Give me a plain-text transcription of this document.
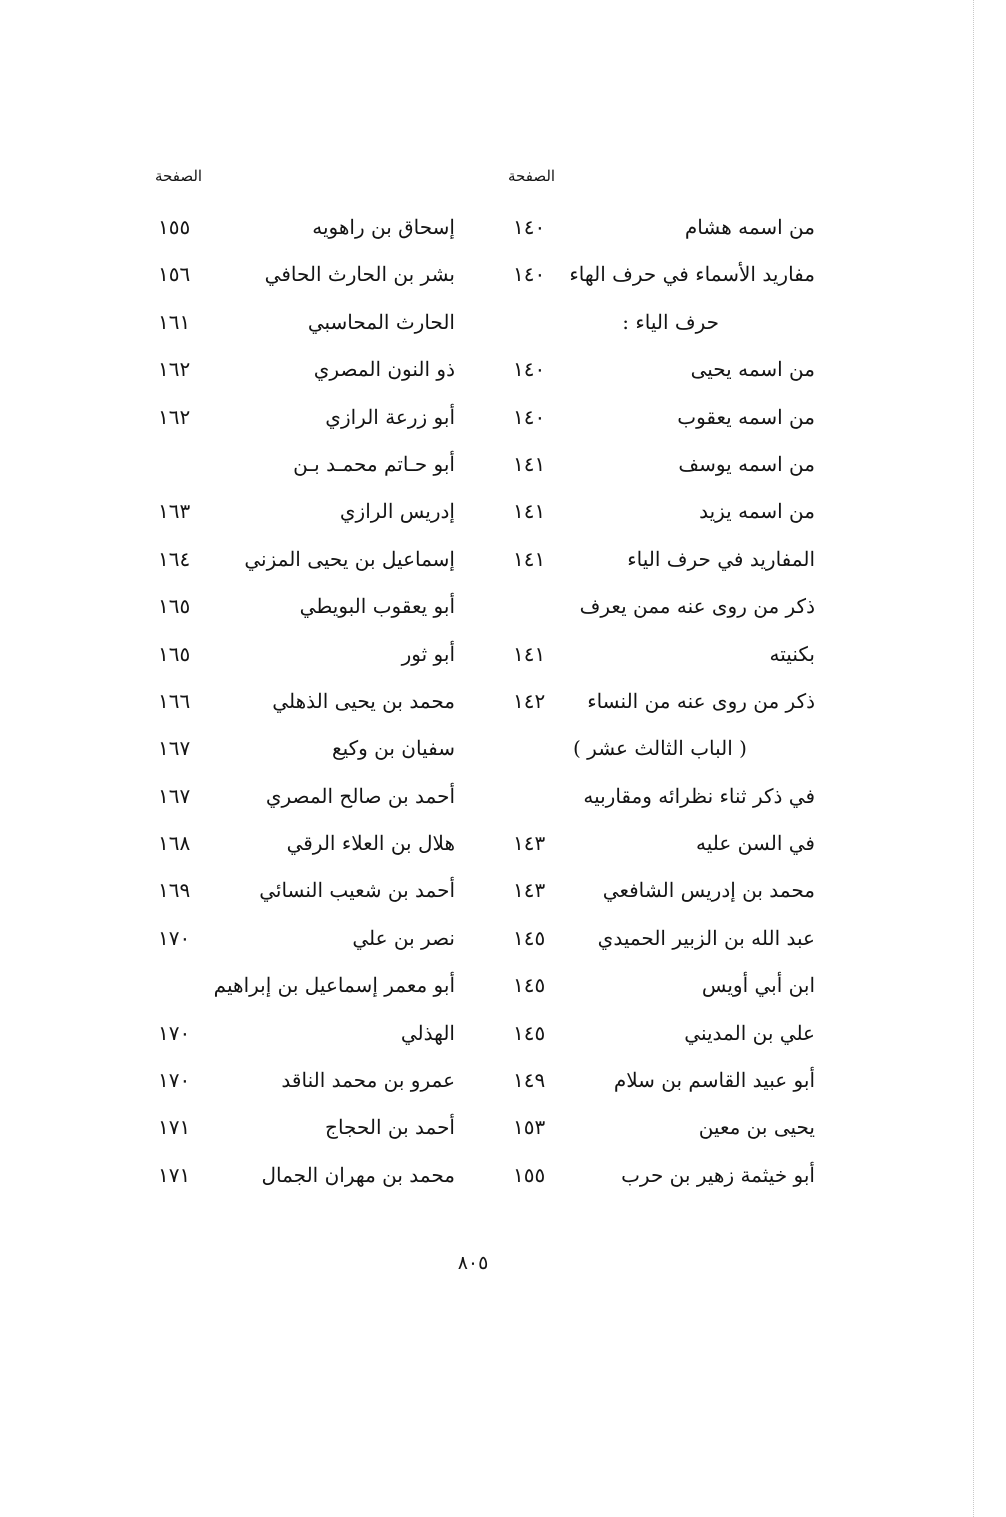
الصفحة
الصفحة
من اسمه هشام
١٤٠
مفاريد الأسماء في حرف الهاء
١٤٠
حرف الياء :
من اسمه يحيى
١٤٠
من اسمه يعقوب
١٤٠
من اسمه يوسف
١٤١
من اسمه يزيد
١٤١
المفاريد في حرف الياء
١٤١
ذكر من روى عنه ممن يعرف
بكنيته
١٤١
ذكر من روى عنه من النساء
١٤٢
( الباب الثالث عشر )
في ذكر ثناء نظرائه ومقاربيه
في السن عليه
١٤٣
محمد بن إدريس الشافعي
١٤٣
عبد الله بن الزبير الحميدي
١٤٥
ابن أبي أويس
١٤٥
علي بن المديني
١٤٥
أبو عبيد القاسم بن سلام
١٤٩
يحيى بن معين
١٥٣
أبو خيثمة زهير بن حرب
١٥٥
إسحاق بن راهويه
١٥٥
بشر بن الحارث الحافي
١٥٦
الحارث المحاسبي
١٦١
ذو النون المصري
١٦٢
أبو زرعة الرازي
١٦٢
أبو حـاتم محمـد بـن
إدريس الرازي
١٦٣
إسماعيل بن يحيى المزني
١٦٤
أبو يعقوب البويطي
١٦٥
أبو ثور
١٦٥
محمد بن يحيى الذهلي
١٦٦
سفيان بن وكيع
١٦٧
أحمد بن صالح المصري
١٦٧
هلال بن العلاء الرقي
١٦٨
أحمد بن شعيب النسائي
١٦٩
نصر بن علي
١٧٠
أبو معمر إسماعيل بن إبراهيم
الهذلي
١٧٠
عمرو بن محمد الناقد
١٧٠
أحمد بن الحجاج
١٧١
محمد بن مهران الجمال
١٧١
٨٠٥
